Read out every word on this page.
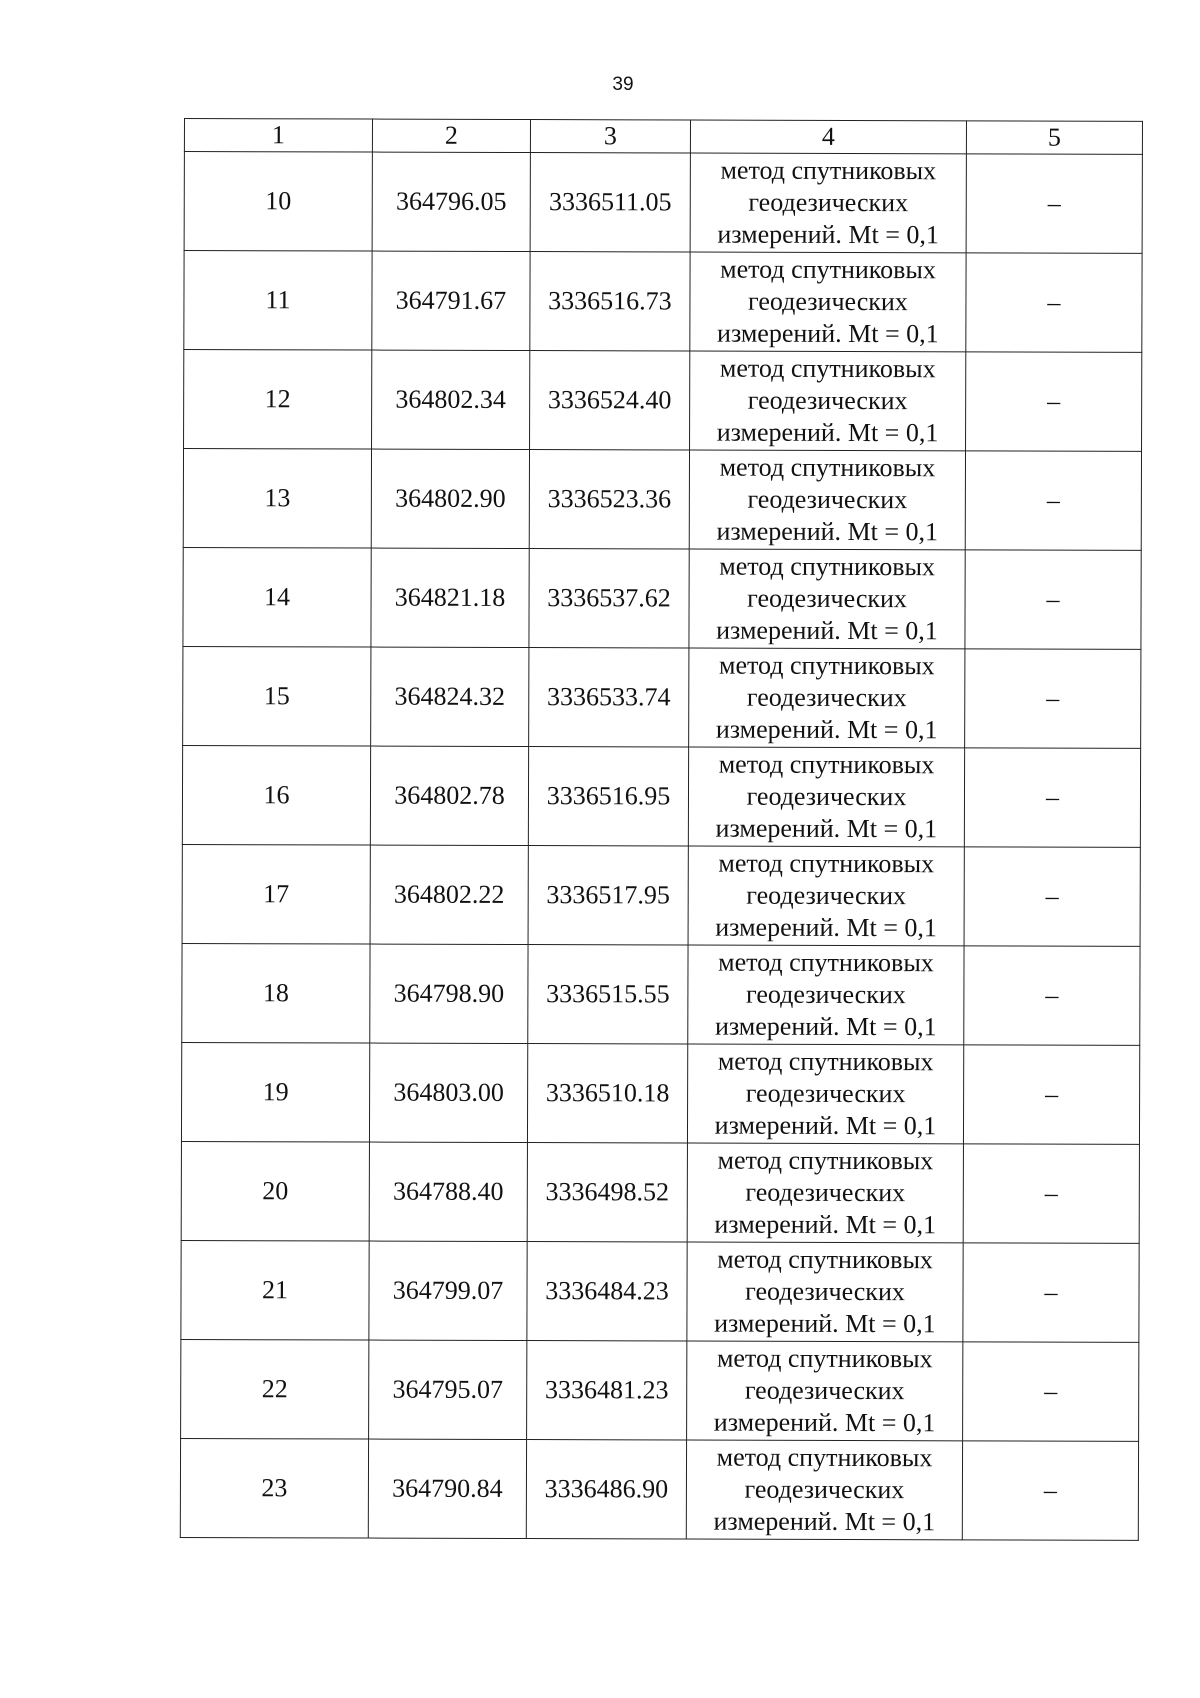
39
1	2	3	4	5
10	364796.05	3336511.05	метод спутниковых
геодезических
измерений. Mt = 0,1	–
11	364791.67	3336516.73	метод спутниковых
геодезических
измерений. Mt = 0,1	–
12	364802.34	3336524.40	метод спутниковых
геодезических
измерений. Mt = 0,1	–
13	364802.90	3336523.36	метод спутниковых
геодезических
измерений. Mt = 0,1	–
14	364821.18	3336537.62	метод спутниковых
геодезических
измерений. Mt = 0,1	–
15	364824.32	3336533.74	метод спутниковых
геодезических
измерений. Mt = 0,1	–
16	364802.78	3336516.95	метод спутниковых
геодезических
измерений. Mt = 0,1	–
17	364802.22	3336517.95	метод спутниковых
геодезических
измерений. Mt = 0,1	–
18	364798.90	3336515.55	метод спутниковых
геодезических
измерений. Mt = 0,1	–
19	364803.00	3336510.18	метод спутниковых
геодезических
измерений. Mt = 0,1	–
20	364788.40	3336498.52	метод спутниковых
геодезических
измерений. Mt = 0,1	–
21	364799.07	3336484.23	метод спутниковых
геодезических
измерений. Mt = 0,1	–
22	364795.07	3336481.23	метод спутниковых
геодезических
измерений. Mt = 0,1	–
23	364790.84	3336486.90	метод спутниковых
геодезических
измерений. Mt = 0,1	–
